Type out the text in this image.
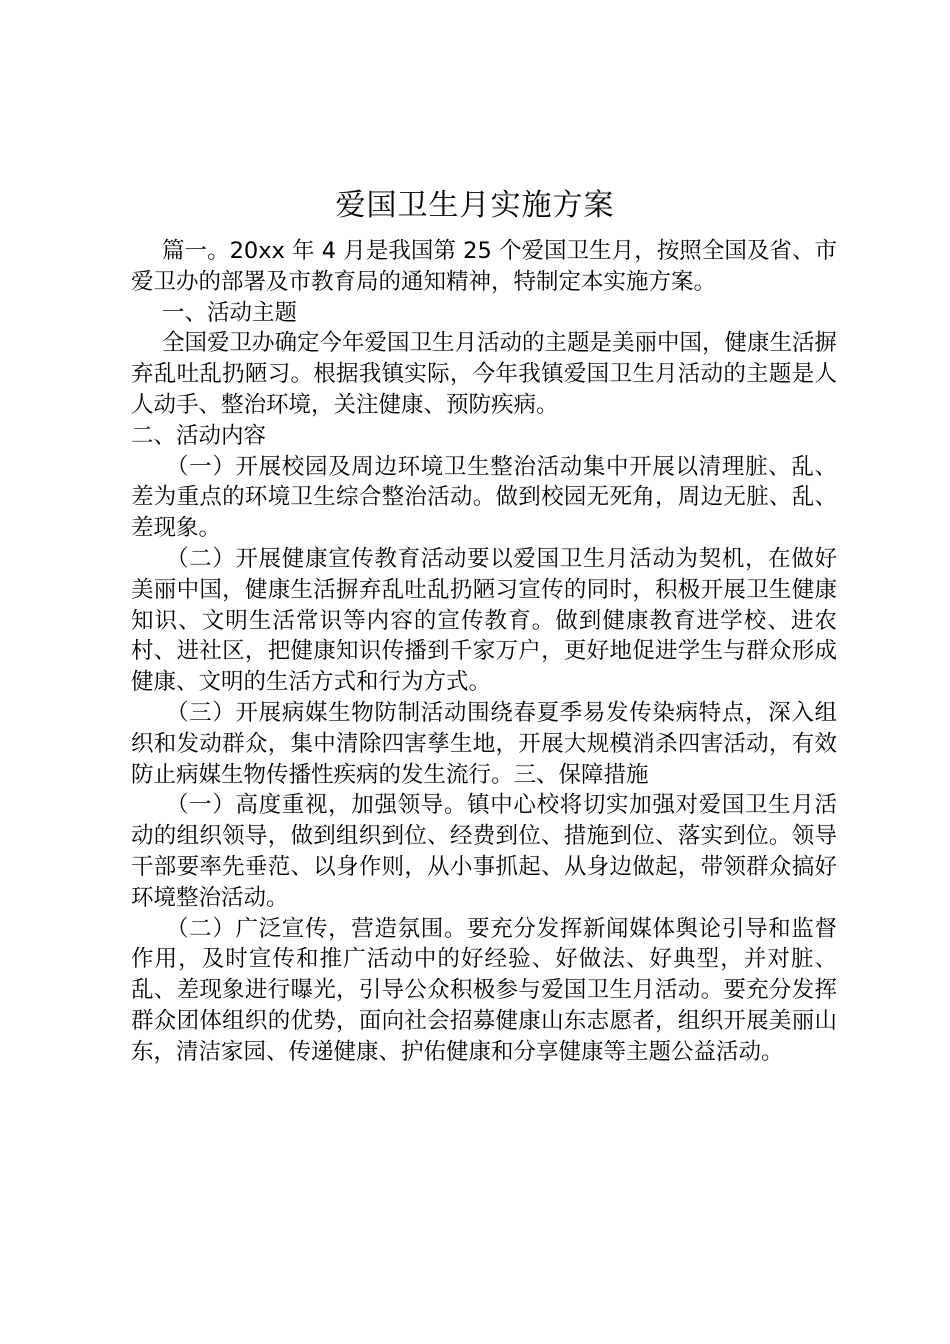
爱国卫生月实施方案

篇一。20xx 年 4 月是我国第 25 个爱国卫生月，按照全国及省、市爱卫办的部署及市教育局的通知精神，特制定本实施方案。

一、活动主题

全国爱卫办确定今年爱国卫生月活动的主题是美丽中国，健康生活摒弃乱吐乱扔陋习。根据我镇实际，今年我镇爱国卫生月活动的主题是人人动手、整治环境，关注健康、预防疾病。

二、活动内容

（一）开展校园及周边环境卫生整治活动集中开展以清理脏、乱、差为重点的环境卫生综合整治活动。做到校园无死角，周边无脏、乱、差现象。

（二）开展健康宣传教育活动要以爱国卫生月活动为契机，在做好美丽中国，健康生活摒弃乱吐乱扔陋习宣传的同时，积极开展卫生健康知识、文明生活常识等内容的宣传教育。做到健康教育进学校、进农村、进社区，把健康知识传播到千家万户，更好地促进学生与群众形成健康、文明的生活方式和行为方式。

（三）开展病媒生物防制活动围绕春夏季易发传染病特点，深入组织和发动群众，集中清除四害孳生地，开展大规模消杀四害活动，有效防止病媒生物传播性疾病的发生流行。三、保障措施

（一）高度重视，加强领导。镇中心校将切实加强对爱国卫生月活动的组织领导，做到组织到位、经费到位、措施到位、落实到位。领导干部要率先垂范、以身作则，从小事抓起、从身边做起，带领群众搞好环境整治活动。

（二）广泛宣传，营造氛围。要充分发挥新闻媒体舆论引导和监督作用，及时宣传和推广活动中的好经验、好做法、好典型，并对脏、乱、差现象进行曝光，引导公众积极参与爱国卫生月活动。要充分发挥群众团体组织的优势，面向社会招募健康山东志愿者，组织开展美丽山东，清洁家园、传递健康、护佑健康和分享健康等主题公益活动。
